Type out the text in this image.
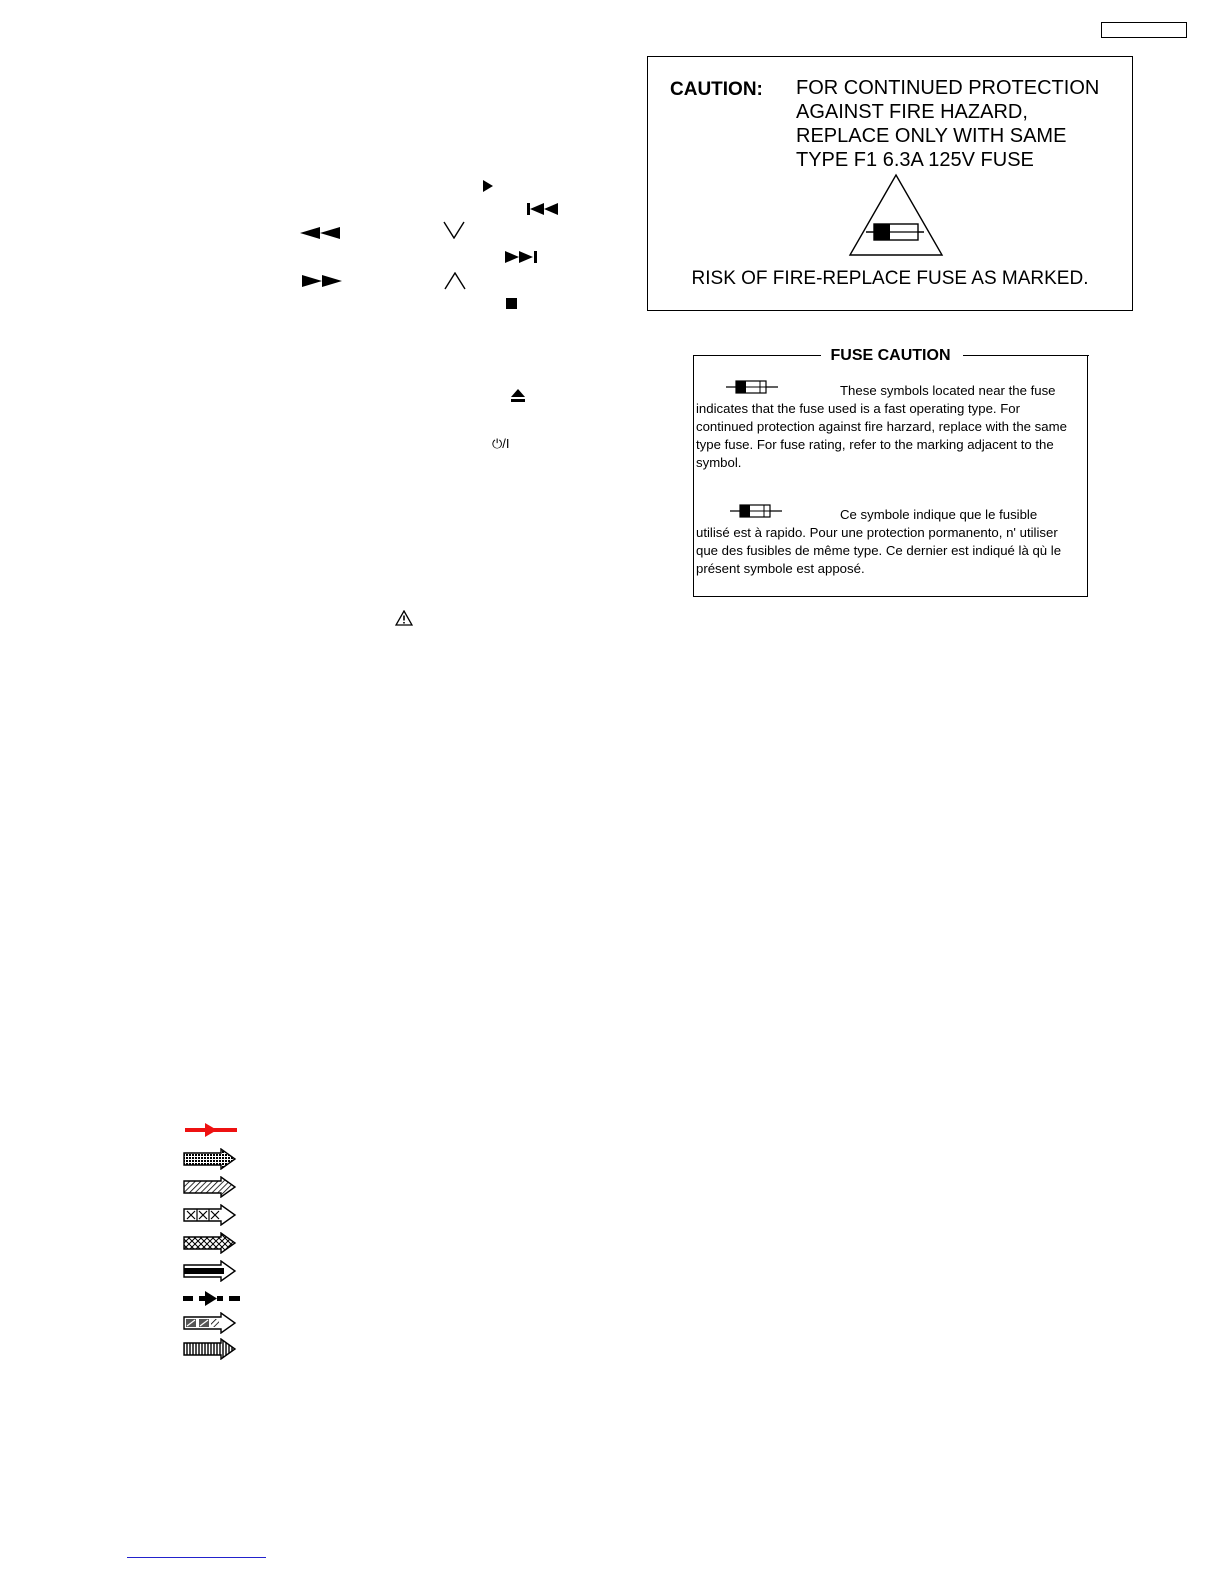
⏻/I
CAUTION: FOR CONTINUED PROTECTION
AGAINST FIRE HAZARD,
REPLACE ONLY WITH SAME
TYPE F1 6.3A 125V FUSE
RISK OF FIRE-REPLACE FUSE AS MARKED.
FUSE CAUTION
These symbols located near the fuse indicates that the fuse used is a fast operating type. For continued protection against fire harzard, replace with the same type fuse. For fuse rating, refer to the marking adjacent to the symbol.
Ce symbole indique que le fusible utilisé est à rapido. Pour une protection pormanento, n' utiliser que des fusibles de même type. Ce dernier est indiqué là qù le présent symbole est apposé.
